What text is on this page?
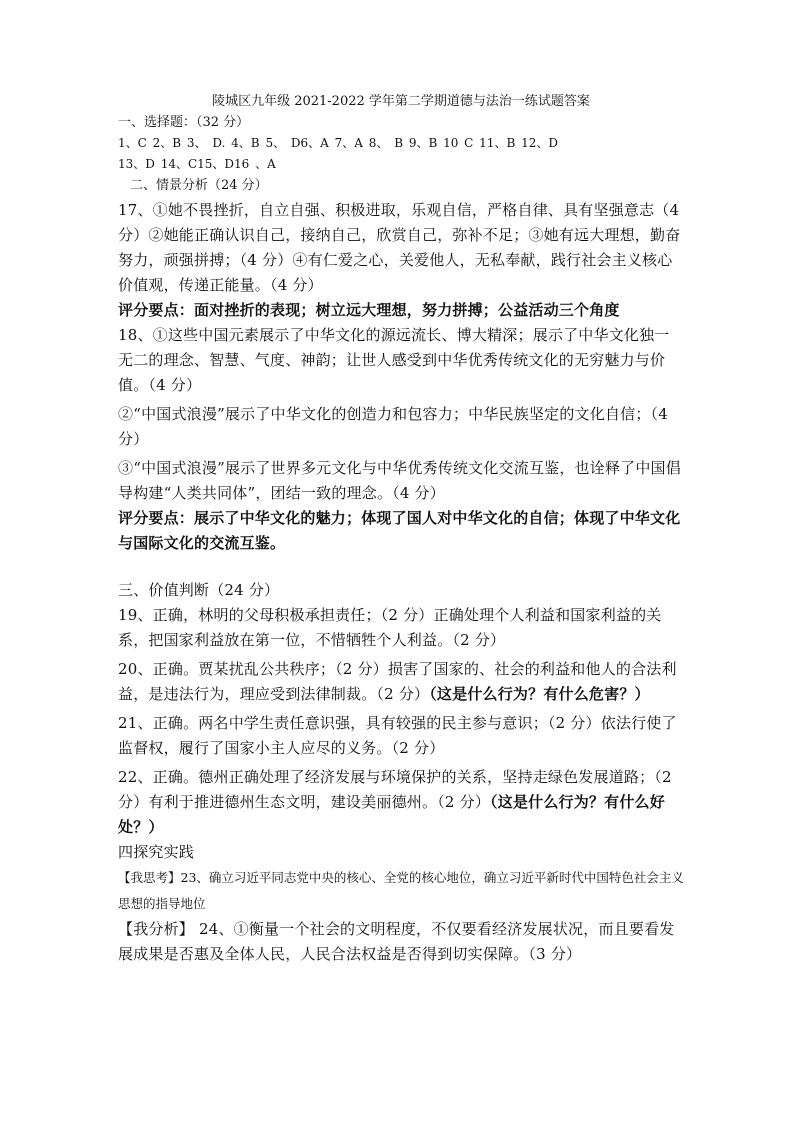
陵城区九年级 2021-2022 学年第二学期道德与法治一练试题答案

一、选择题：（32 分）

1、C 2、B 3、 D. 4、B 5、 D6、A 7、A 8、 B 9、B 10 C 11、B 12、D

13、D 14、C15、D16 、A

二、情景分析（24 分）

17、①她不畏挫折，自立自强、积极进取，乐观自信，严格自律、具有坚强意志（4 分）②她能正确认识自己，接纳自己，欣赏自己，弥补不足；③她有远大理想，勤奋努力，顽强拼搏；（4 分）④有仁爱之心，关爱他人，无私奉献，践行社会主义核心价值观，传递正能量。（4 分）

评分要点：面对挫折的表现；树立远大理想，努力拼搏；公益活动三个角度

18、①这些中国元素展示了中华文化的源远流长、博大精深；展示了中华文化独一无二的理念、智慧、气度、神韵；让世人感受到中华优秀传统文化的无穷魅力与价值。（4 分）

②“中国式浪漫”展示了中华文化的创造力和包容力；中华民族坚定的文化自信；（4 分）

③“中国式浪漫”展示了世界多元文化与中华优秀传统文化交流互鉴，也诠释了中国倡导构建“人类共同体”，团结一致的理念。（4 分）

评分要点：展示了中华文化的魅力；体现了国人对中华文化的自信；体现了中华文化与国际文化的交流互鉴。

三、价值判断（24 分）

19、正确，林明的父母积极承担责任；（2 分）正确处理个人利益和国家利益的关系，把国家利益放在第一位，不惜牺牲个人利益。（2 分）

20、正确。贾某扰乱公共秩序；（2 分）损害了国家的、社会的利益和他人的合法利益，是违法行为，理应受到法律制裁。（2 分）（这是什么行为？有什么危害？）

21、正确。两名中学生责任意识强，具有较强的民主参与意识；（2 分）依法行使了监督权，履行了国家小主人应尽的义务。（2 分）

22、正确。德州正确处理了经济发展与环境保护的关系，坚持走绿色发展道路；（2 分）有利于推进德州生态文明，建设美丽德州。（2 分）（这是什么行为？有什么好处？）

四探究实践

【我思考】23、确立习近平同志党中央的核心、全党的核心地位，确立习近平新时代中国特色社会主义思想的指导地位

【我分析】 24、①衡量一个社会的文明程度，不仅要看经济发展状况，而且要看发展成果是否惠及全体人民，人民合法权益是否得到切实保障。（3 分）
